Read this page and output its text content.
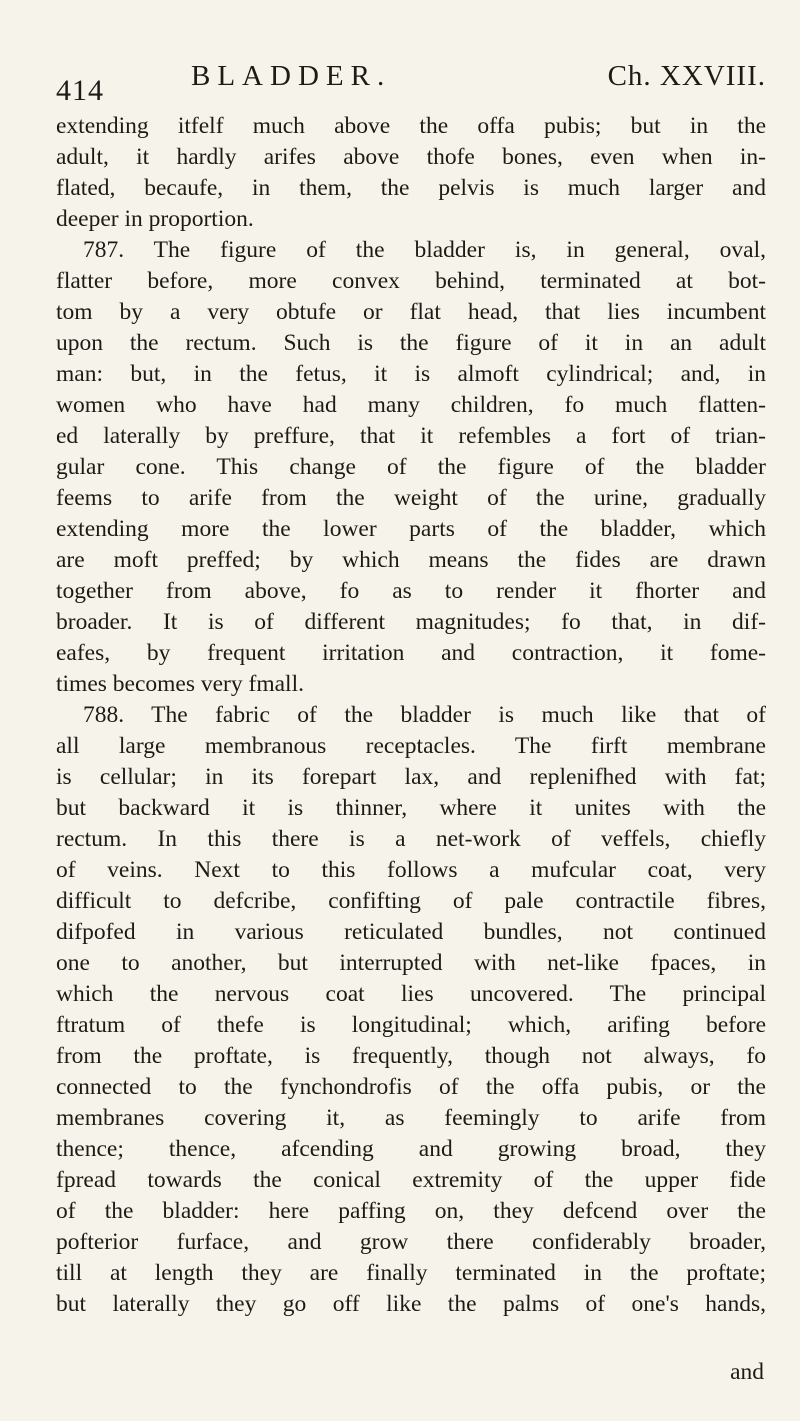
414	BLADDER.	Ch. XXVIII.
extending itfelf much above the offa pubis; but in the
adult, it hardly arifes above thofe bones, even when in-
flated, becaufe, in them, the pelvis is much larger and
deeper in proportion.
787. The figure of the bladder is, in general, oval,
flatter before, more convex behind, terminated at bot-
tom by a very obtufe or flat head, that lies incumbent
upon the rectum. Such is the figure of it in an adult
man: but, in the fetus, it is almoft cylindrical; and, in
women who have had many children, fo much flatten-
ed laterally by preffure, that it refembles a fort of trian-
gular cone. This change of the figure of the bladder
feems to arife from the weight of the urine, gradually
extending more the lower parts of the bladder, which
are moft preffed; by which means the fides are drawn
together from above, fo as to render it fhorter and
broader. It is of different magnitudes; fo that, in dif-
eafes, by frequent irritation and contraction, it fome-
times becomes very fmall.
788. The fabric of the bladder is much like that of
all large membranous receptacles. The firft membrane
is cellular; in its forepart lax, and replenifhed with fat;
but backward it is thinner, where it unites with the
rectum. In this there is a net-work of veffels, chiefly
of veins. Next to this follows a mufcular coat, very
difficult to defcribe, confifting of pale contractile fibres,
difpofed in various reticulated bundles, not continued
one to another, but interrupted with net-like fpaces, in
which the nervous coat lies uncovered. The principal
ftratum of thefe is longitudinal; which, arifing before
from the proftate, is frequently, though not always, fo
connected to the fynchondrofis of the offa pubis, or the
membranes covering it, as feemingly to arife from
thence; thence, afcending and growing broad, they
fpread towards the conical extremity of the upper fide
of the bladder: here paffing on, they defcend over the
pofterior furface, and grow there confiderably broader,
till at length they are finally terminated in the proftate;
but laterally they go off like the palms of one's hands,
and
